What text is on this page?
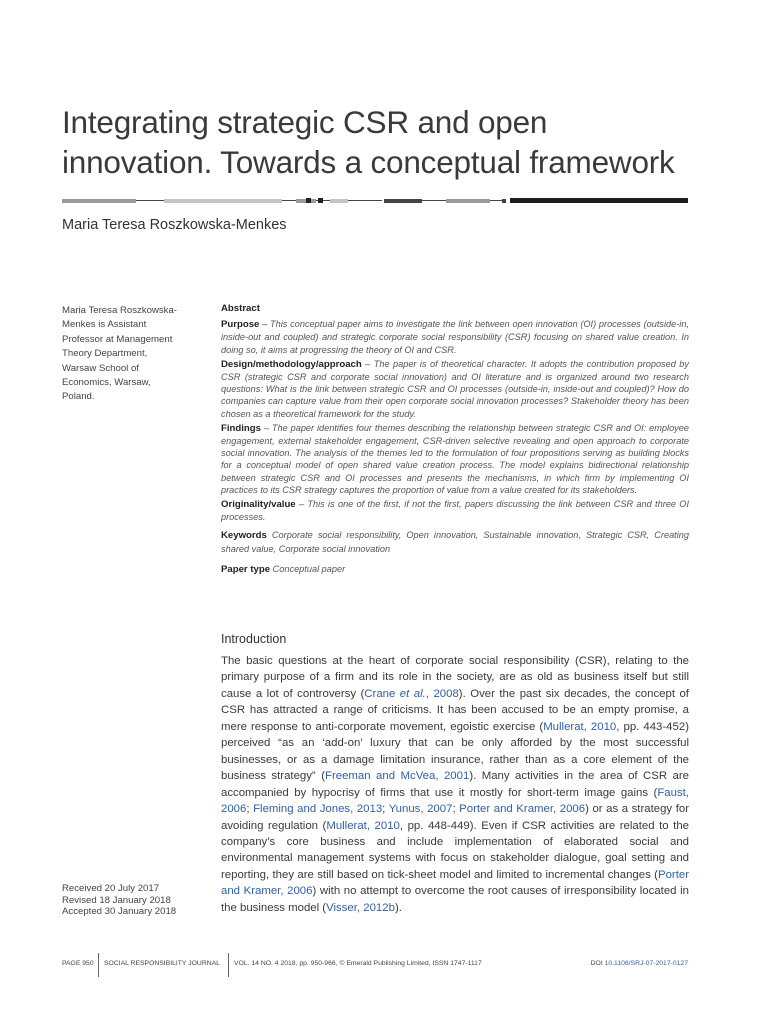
Integrating strategic CSR and open
innovation. Towards a conceptual framework
Maria Teresa Roszkowska-Menkes
Maria Teresa Roszkowska-
Menkes is Assistant
Professor at Management
Theory Department,
Warsaw School of
Economics, Warsaw,
Poland.
Abstract
Purpose – This conceptual paper aims to investigate the link between open innovation (OI) processes (outside-in, inside-out and coupled) and strategic corporate social responsibility (CSR) focusing on shared value creation. In doing so, it aims at progressing the theory of OI and CSR.
Design/methodology/approach – The paper is of theoretical character. It adopts the contribution proposed by CSR (strategic CSR and corporate social innovation) and OI literature and is organized around two research questions: What is the link between strategic CSR and OI processes (outside-in, inside-out and coupled)? How do companies can capture value from their open corporate social innovation processes? Stakeholder theory has been chosen as a theoretical framework for the study.
Findings – The paper identifies four themes describing the relationship between strategic CSR and OI: employee engagement, external stakeholder engagement, CSR-driven selective revealing and open approach to corporate social innovation. The analysis of the themes led to the formulation of four propositions serving as building blocks for a conceptual model of open shared value creation process. The model explains bidirectional relationship between strategic CSR and OI processes and presents the mechanisms, in which firm by implementing OI practices to its CSR strategy captures the proportion of value from a value created for its stakeholders.
Originality/value – This is one of the first, if not the first, papers discussing the link between CSR and three OI processes.
Keywords Corporate social responsibility, Open innovation, Sustainable innovation, Strategic CSR, Creating shared value, Corporate social innovation
Paper type Conceptual paper
Introduction
The basic questions at the heart of corporate social responsibility (CSR), relating to the primary purpose of a firm and its role in the society, are as old as business itself but still cause a lot of controversy (Crane et al., 2008). Over the past six decades, the concept of CSR has attracted a range of criticisms. It has been accused to be an empty promise, a mere response to anti-corporate movement, egoistic exercise (Mullerat, 2010, pp. 443-452) perceived “as an ‘add-on’ luxury that can be only afforded by the most successful businesses, or as a damage limitation insurance, rather than as a core element of the business strategy” (Freeman and McVea, 2001). Many activities in the area of CSR are accompanied by hypocrisy of firms that use it mostly for short-term image gains (Faust, 2006; Fleming and Jones, 2013; Yunus, 2007; Porter and Kramer, 2006) or as a strategy for avoiding regulation (Mullerat, 2010, pp. 448-449). Even if CSR activities are related to the company’s core business and include implementation of elaborated social and environmental management systems with focus on stakeholder dialogue, goal setting and reporting, they are still based on tick-sheet model and limited to incremental changes (Porter and Kramer, 2006) with no attempt to overcome the root causes of irresponsibility located in the business model (Visser, 2012b).
Received 20 July 2017
Revised 18 January 2018
Accepted 30 January 2018
PAGE 950 SOCIAL RESPONSIBILITY JOURNAL VOL. 14 NO. 4 2018, pp. 950-966, © Emerald Publishing Limited, ISSN 1747-1117	DOI 10.1108/SRJ-07-2017-0127
